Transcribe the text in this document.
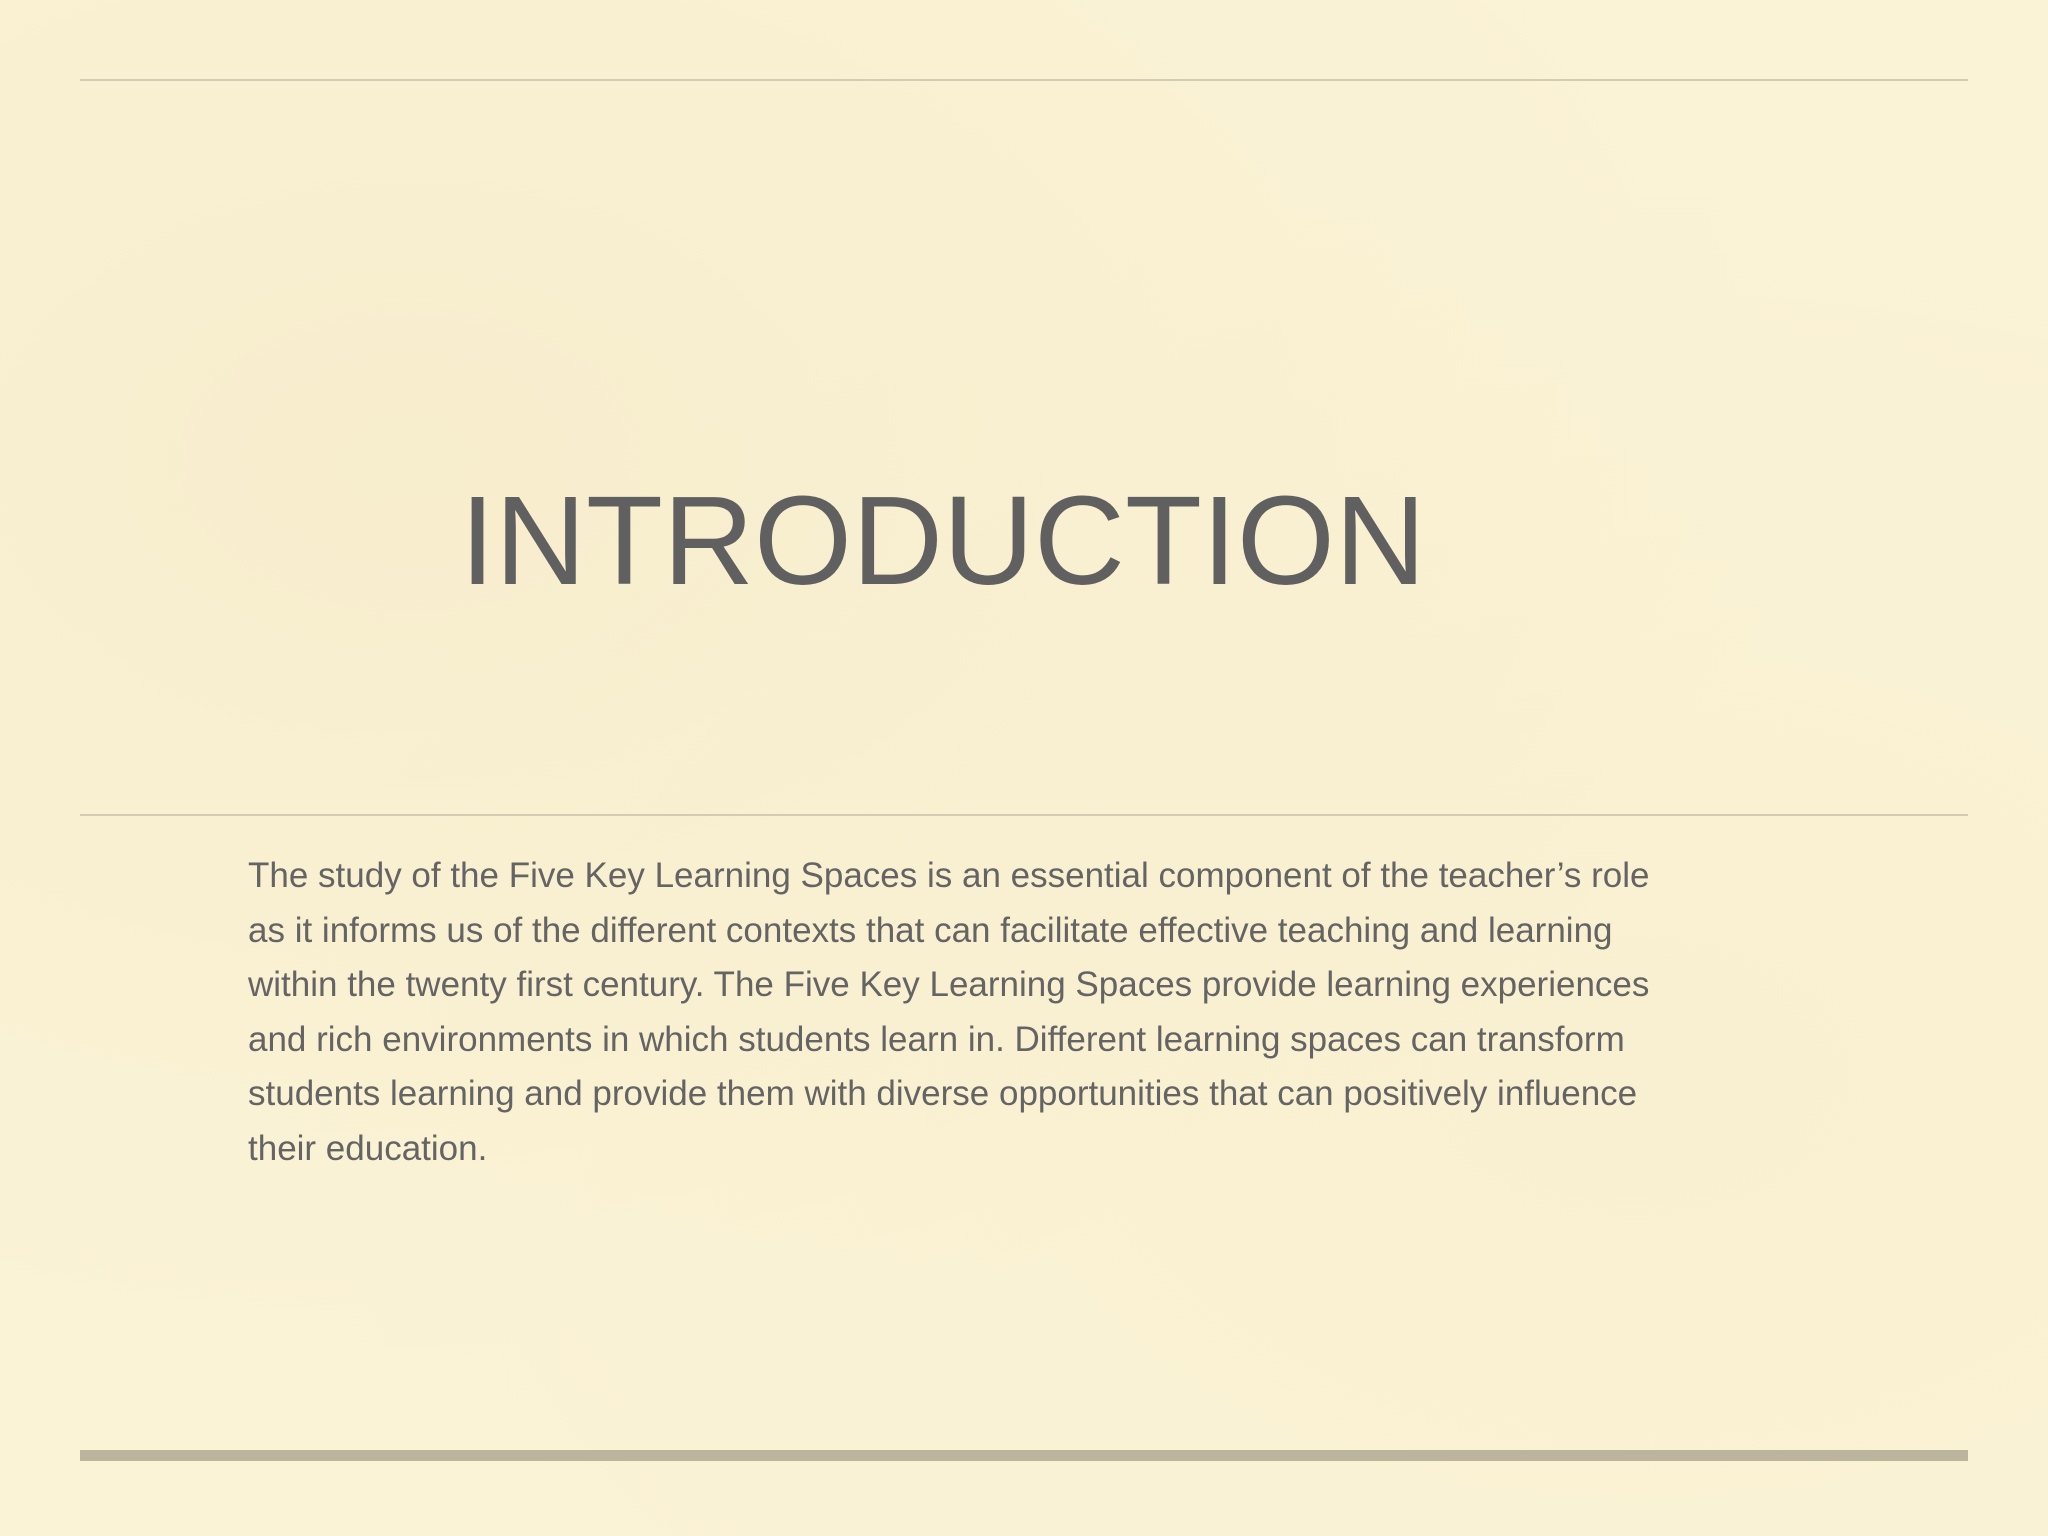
INTRODUCTION

The study of the Five Key Learning Spaces is an essential component of the teacher’s role
as it informs us of the different contexts that can facilitate effective teaching and learning
within the twenty first century. The Five Key Learning Spaces provide learning experiences
and rich environments in which students learn in. Different learning spaces can transform
students learning and provide them with diverse opportunities that can positively influence
their education.
